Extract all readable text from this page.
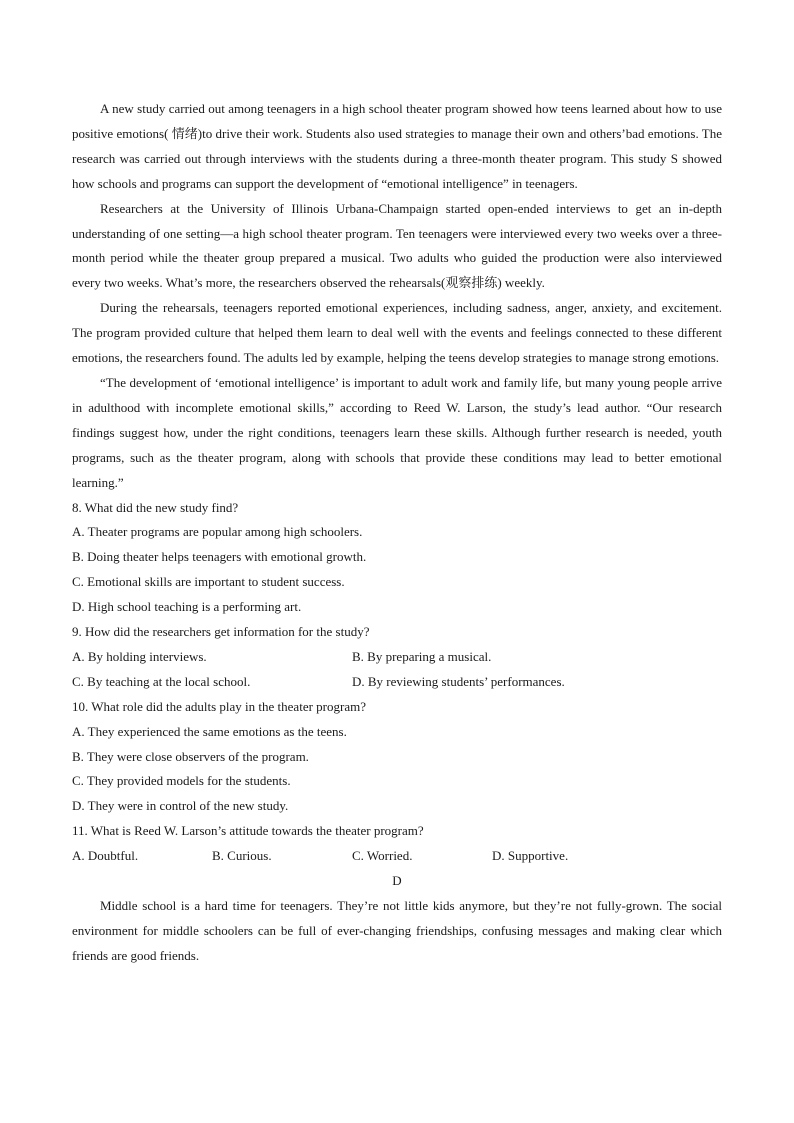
A new study carried out among teenagers in a high school theater program showed how teens learned about how to use positive emotions( 情绪)to drive their work. Students also used strategies to manage their own and others’bad emotions. The research was carried out through interviews with the students during a three-month theater program. This study S showed how schools and programs can support the development of “emotional intelligence” in teenagers.

Researchers at the University of Illinois Urbana-Champaign started open-ended interviews to get an in-depth understanding of one setting—a high school theater program. Ten teenagers were interviewed every two weeks over a three-month period while the theater group prepared a musical. Two adults who guided the production were also interviewed every two weeks. What’s more, the researchers observed the rehearsals(观察排练) weekly.

During the rehearsals, teenagers reported emotional experiences, including sadness, anger, anxiety, and excitement. The program provided culture that helped them learn to deal well with the events and feelings connected to these different emotions, the researchers found. The adults led by example, helping the teens develop strategies to manage strong emotions.

“The development of ‘emotional intelligence’ is important to adult work and family life, but many young people arrive in adulthood with incomplete emotional skills,” according to Reed W. Larson, the study’s lead author. “Our research findings suggest how, under the right conditions, teenagers learn these skills. Although further research is needed, youth programs, such as the theater program, along with schools that provide these conditions may lead to better emotional learning.”

8. What did the new study find?

A. Theater programs are popular among high schoolers.

B. Doing theater helps teenagers with emotional growth.

C. Emotional skills are important to student success.

D. High school teaching is a performing art.

9. How did the researchers get information for the study?

A. By holding interviews.	B. By preparing a musical.
C. By teaching at the local school.	D. By reviewing students’ performances.

10. What role did the adults play in the theater program?

A. They experienced the same emotions as the teens.

B. They were close observers of the program.

C. They provided models for the students.

D. They were in control of the new study.

11. What is Reed W. Larson’s attitude towards the theater program?

A. Doubtful.	B. Curious.	C. Worried.	D. Supportive.

D

Middle school is a hard time for teenagers. They’re not little kids anymore, but they’re not fully-grown. The social environment for middle schoolers can be full of ever-changing friendships, confusing messages and making clear which friends are good friends.
